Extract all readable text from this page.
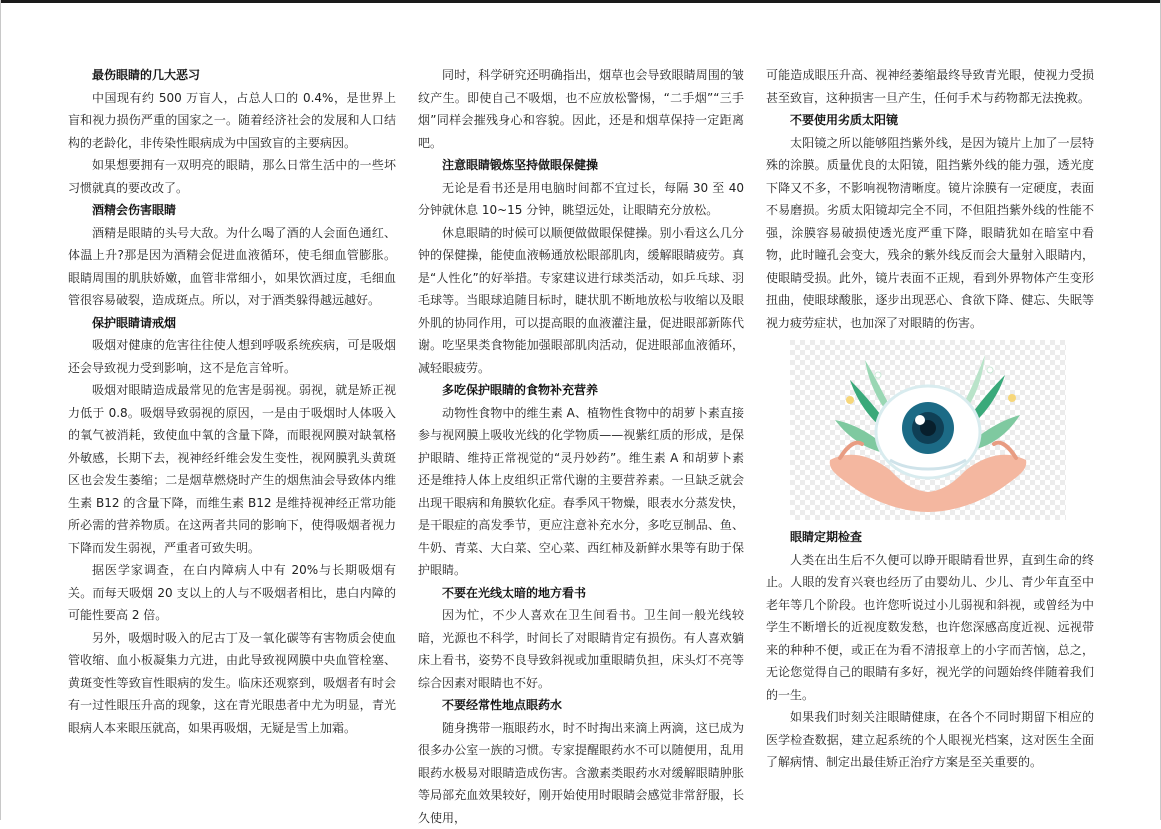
最伤眼睛的几大恶习

中国现有约 500 万盲人，占总人口的 0.4%，是世界上盲和视力损伤严重的国家之一。随着经济社会的发展和人口结构的老龄化，非传染性眼病成为中国致盲的主要病因。

如果想要拥有一双明亮的眼睛，那么日常生活中的一些坏习惯就真的要改改了。

酒精会伤害眼睛

酒精是眼睛的头号大敌。为什么喝了酒的人会面色通红、体温上升?那是因为酒精会促进血液循环，使毛细血管膨胀。眼睛周围的肌肤娇嫩，血管非常细小，如果饮酒过度，毛细血管很容易破裂，造成斑点。所以，对于酒类躲得越远越好。

保护眼睛请戒烟

吸烟对健康的危害往往使人想到呼吸系统疾病，可是吸烟还会导致视力受到影响，这不是危言耸听。

吸烟对眼睛造成最常见的危害是弱视。弱视，就是矫正视力低于 0.8。吸烟导致弱视的原因，一是由于吸烟时人体吸入的氧气被消耗，致使血中氧的含量下降，而眼视网膜对缺氧格外敏感，长期下去，视神经纤维会发生变性，视网膜乳头黄斑区也会发生萎缩；二是烟草燃烧时产生的烟焦油会导致体内维生素 B12 的含量下降，而维生素 B12 是维持视神经正常功能所必需的营养物质。在这两者共同的影响下，使得吸烟者视力下降而发生弱视，严重者可致失明。

据医学家调查，在白内障病人中有 20%与长期吸烟有关。而每天吸烟 20 支以上的人与不吸烟者相比，患白内障的可能性要高 2 倍。

另外，吸烟时吸入的尼古丁及一氧化碳等有害物质会使血管收缩、血小板凝集力亢进，由此导致视网膜中央血管栓塞、黄斑变性等致盲性眼病的发生。临床还观察到，吸烟者有时会有一过性眼压升高的现象，这在青光眼患者中尤为明显，青光眼病人本来眼压就高，如果再吸烟，无疑是雪上加霜。

同时，科学研究还明确指出，烟草也会导致眼睛周围的皱纹产生。即使自己不吸烟，也不应放松警惕，“二手烟”“三手烟”同样会摧残身心和容貌。因此，还是和烟草保持一定距离吧。

注意眼睛锻炼坚持做眼保健操

无论是看书还是用电脑时间都不宜过长，每隔 30 至 40 分钟就休息 10~15 分钟，眺望远处，让眼睛充分放松。

休息眼睛的时候可以顺便做做眼保健操。别小看这么几分钟的保健操，能使血液畅通放松眼部肌肉，缓解眼睛疲劳。真是“人性化”的好举措。专家建议进行球类活动，如乒乓球、羽毛球等。当眼球追随目标时，睫状肌不断地放松与收缩以及眼外肌的协同作用，可以提高眼的血液灌注量，促进眼部新陈代谢。吃坚果类食物能加强眼部肌肉活动，促进眼部血液循环，减轻眼疲劳。

多吃保护眼睛的食物补充营养

动物性食物中的维生素 A、植物性食物中的胡萝卜素直接参与视网膜上吸收光线的化学物质——视紫红质的形成，是保护眼睛、维持正常视觉的“灵丹妙药”。维生素 A 和胡萝卜素还是维持人体上皮组织正常代谢的主要营养素。一旦缺乏就会出现干眼病和角膜软化症。春季风干物燥，眼表水分蒸发快，是干眼症的高发季节，更应注意补充水分，多吃豆制品、鱼、牛奶、青菜、大白菜、空心菜、西红柿及新鲜水果等有助于保护眼睛。

不要在光线太暗的地方看书

因为忙，不少人喜欢在卫生间看书。卫生间一般光线较暗，光源也不科学，时间长了对眼睛肯定有损伤。有人喜欢躺床上看书，姿势不良导致斜视或加重眼睛负担，床头灯不亮等综合因素对眼睛也不好。

不要经常性地点眼药水

随身携带一瓶眼药水，时不时掏出来滴上两滴，这已成为很多办公室一族的习惯。专家提醒眼药水不可以随便用，乱用眼药水极易对眼睛造成伤害。含激素类眼药水对缓解眼睛肿胀等局部充血效果较好，刚开始使用时眼睛会感觉非常舒服，长久使用，

可能造成眼压升高、视神经萎缩最终导致青光眼，使视力受损甚至致盲，这种损害一旦产生，任何手术与药物都无法挽救。

不要使用劣质太阳镜

太阳镜之所以能够阻挡紫外线，是因为镜片上加了一层特殊的涂膜。质量优良的太阳镜，阻挡紫外线的能力强，透光度下降又不多，不影响视物清晰度。镜片涂膜有一定硬度，表面不易磨损。劣质太阳镜却完全不同，不但阻挡紫外线的性能不强，涂膜容易破损使透光度严重下降，眼睛犹如在暗室中看物，此时瞳孔会变大，残余的紫外线反而会大量射入眼睛内，使眼睛受损。此外，镜片表面不正规，看到外界物体产生变形扭曲，使眼球酸胀，逐步出现恶心、食欲下降、健忘、失眠等视力疲劳症状，也加深了对眼睛的伤害。

眼睛定期检查

人类在出生后不久便可以睁开眼睛看世界，直到生命的终止。人眼的发育兴衰也经历了由婴幼儿、少儿、青少年直至中老年等几个阶段。也许您听说过小儿弱视和斜视，或曾经为中学生不断增长的近视度数发愁，也许您深感高度近视、远视带来的种种不便，或正在为看不清报章上的小字而苦恼，总之，无论您觉得自己的眼睛有多好，视光学的问题始终伴随着我们的一生。

如果我们时刻关注眼睛健康，在各个不同时期留下相应的医学检查数据，建立起系统的个人眼视光档案，这对医生全面了解病情、制定出最佳矫正治疗方案是至关重要的。
